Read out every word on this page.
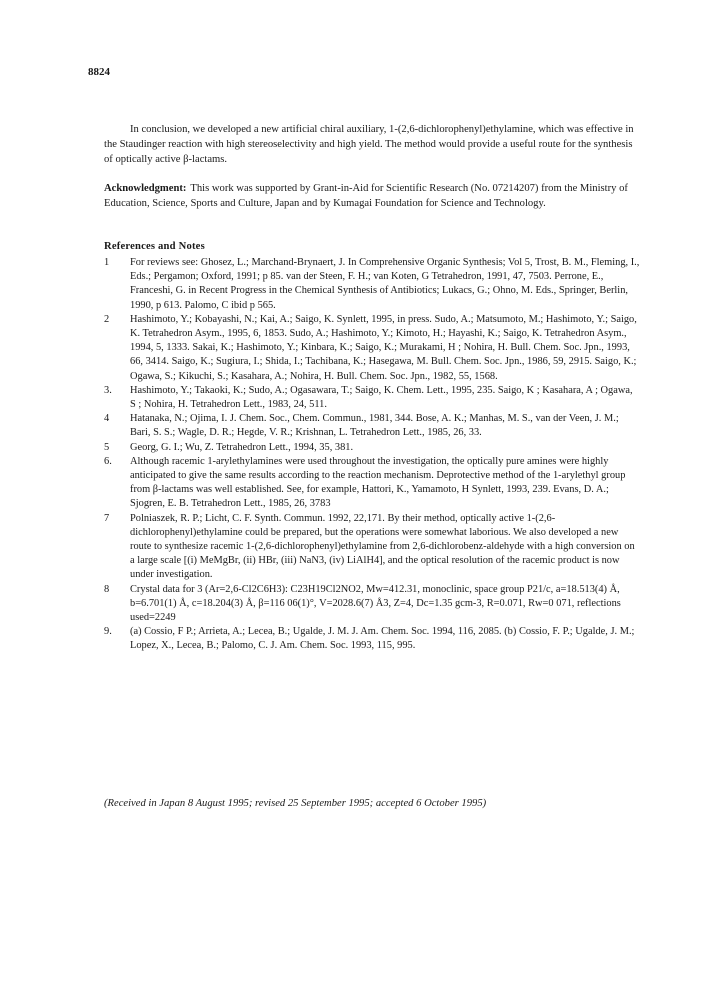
8824

In conclusion, we developed a new artificial chiral auxiliary, 1-(2,6-dichlorophenyl)ethylamine, which was effective in the Staudinger reaction with high stereoselectivity and high yield. The method would provide a useful route for the synthesis of optically active β-lactams.

Acknowledgment: This work was supported by Grant-in-Aid for Scientific Research (No. 07214207) from the Ministry of Education, Science, Sports and Culture, Japan and by Kumagai Foundation for Science and Technology.

References and Notes
1	For reviews see: Ghosez, L.; Marchand-Brynaert, J. In Comprehensive Organic Synthesis; Vol 5, Trost, B. M., Fleming, I., Eds.; Pergamon; Oxford, 1991; p 85. van der Steen, F. H.; van Koten, G Tetrahedron, 1991, 47, 7503. Perrone, E., Franceshi, G. in Recent Progress in the Chemical Synthesis of Antibiotics; Lukacs, G.; Ohno, M. Eds., Springer, Berlin, 1990, p 613. Palomo, C ibid p 565.
2	Hashimoto, Y.; Kobayashi, N.; Kai, A.; Saigo, K. Synlett, 1995, in press. Sudo, A.; Matsumoto, M.; Hashimoto, Y.; Saigo, K. Tetrahedron Asym., 1995, 6, 1853. Sudo, A.; Hashimoto, Y.; Kimoto, H.; Hayashi, K.; Saigo, K. Tetrahedron Asym., 1994, 5, 1333. Sakai, K.; Hashimoto, Y.; Kinbara, K.; Saigo, K.; Murakami, H ; Nohira, H. Bull. Chem. Soc. Jpn., 1993, 66, 3414. Saigo, K.; Sugiura, I.; Shida, I.; Tachibana, K.; Hasegawa, M. Bull. Chem. Soc. Jpn., 1986, 59, 2915. Saigo, K.; Ogawa, S.; Kikuchi, S.; Kasahara, A.; Nohira, H. Bull. Chem. Soc. Jpn., 1982, 55, 1568.
3.	Hashimoto, Y.; Takaoki, K.; Sudo, A.; Ogasawara, T.; Saigo, K. Chem. Lett., 1995, 235. Saigo, K ; Kasahara, A ; Ogawa, S ; Nohira, H. Tetrahedron Lett., 1983, 24, 511.
4	Hatanaka, N.; Ojima, I. J. Chem. Soc., Chem. Commun., 1981, 344. Bose, A. K.; Manhas, M. S., van der Veen, J. M.; Bari, S. S.; Wagle, D. R.; Hegde, V. R.; Krishnan, L. Tetrahedron Lett., 1985, 26, 33.
5	Georg, G. I.; Wu, Z. Tetrahedron Lett., 1994, 35, 381.
6.	Although racemic 1-arylethylamines were used throughout the investigation, the optically pure amines were highly anticipated to give the same results according to the reaction mechanism. Deprotective method of the 1-arylethyl group from β-lactams was well established. See, for example, Hattori, K., Yamamoto, H Synlett, 1993, 239. Evans, D. A.; Sjogren, E. B. Tetrahedron Lett., 1985, 26, 3783
7	Polniaszek, R. P.; Licht, C. F. Synth. Commun. 1992, 22,171. By their method, optically active 1-(2,6-dichlorophenyl)ethylamine could be prepared, but the operations were somewhat laborious. We also developed a new route to synthesize racemic 1-(2,6-dichlorophenyl)ethylamine from 2,6-dichlorobenz-aldehyde with a high conversion on a large scale [(i) MeMgBr, (ii) HBr, (iii) NaN3, (iv) LiAlH4], and the optical resolution of the racemic product is now under investigation.
8	Crystal data for 3 (Ar=2,6-Cl2C6H3): C23H19Cl2NO2, Mw=412.31, monoclinic, space group P21/c, a=18.513(4) Å, b=6.701(1) Å, c=18.204(3) Å, β=116 06(1)°, V=2028.6(7) Å3, Z=4, Dc=1.35 gcm-3, R=0.071, Rw=0 071, reflections used=2249
9.	(a) Cossio, F P.; Arrieta, A.; Lecea, B.; Ugalde, J. M. J. Am. Chem. Soc. 1994, 116, 2085. (b) Cossio, F. P.; Ugalde, J. M.; Lopez, X., Lecea, B.; Palomo, C. J. Am. Chem. Soc. 1993, 115, 995.
(Received in Japan 8 August 1995; revised 25 September 1995; accepted 6 October 1995)
